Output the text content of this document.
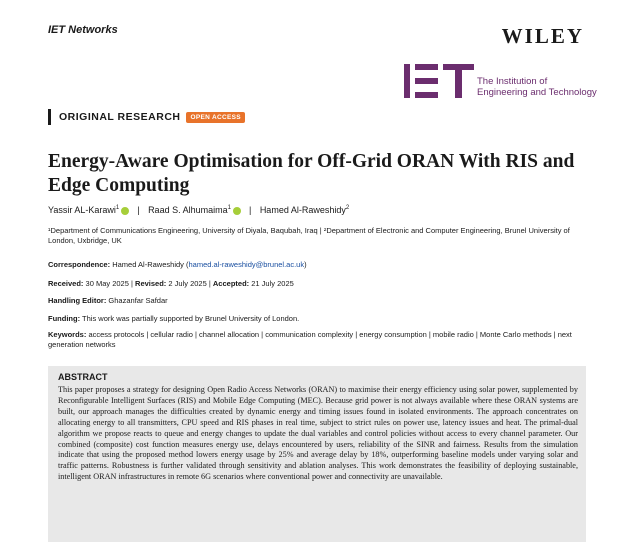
IET Networks	WILEY
The Institution of
Engineering and Technology
ORIGINAL RESEARCH	OPEN ACCESS
Energy-Aware Optimisation for Off-Grid ORAN With RIS and Edge Computing
Yassir AL-Karawi$^1$ | Raad S. Alhumaima$^1$ | Hamed Al-Raweshidy$^2$
¹Department of Communications Engineering, University of Diyala, Baqubah, Iraq | ²Department of Electronic and Computer Engineering, Brunel University of London, Uxbridge, UK
Correspondence: Hamed Al-Raweshidy (hamed.al-raweshidy@brunel.ac.uk)
Received: 30 May 2025 | Revised: 2 July 2025 | Accepted: 21 July 2025
Handling Editor: Ghazanfar Safdar
Funding: This work was partially supported by Brunel University of London.
Keywords: access protocols | cellular radio | channel allocation | communication complexity | energy consumption | mobile radio | Monte Carlo methods | next generation networks
ABSTRACT

This paper proposes a strategy for designing Open Radio Access Networks (ORAN) to maximise their energy efficiency using solar power, supplemented by Reconfigurable Intelligent Surfaces (RIS) and Mobile Edge Computing (MEC). Because grid power is not always available where these ORAN systems are built, our approach manages the difficulties created by dynamic energy and timing issues found in isolated environments. The approach concentrates on allocating energy to all transmitters, CPU speed and RIS phases in real time, subject to strict rules on power use, latency issues and heat. The primal-dual algorithm we propose reacts to queue and energy changes to update the dual variables and control policies without access to every channel parameter. Our combined (composite) cost function measures energy use, delays encountered by users, reliability of the SINR and fairness. Results from the simulation indicate that using the proposed method lowers energy usage by 25% and average delay by 18%, outperforming baseline models under varying solar and traffic patterns. Robustness is further validated through sensitivity and ablation analyses. This work demonstrates the feasibility of deploying sustainable, intelligent ORAN infrastructures in remote 6G scenarios where conventional power and connectivity are unavailable.
